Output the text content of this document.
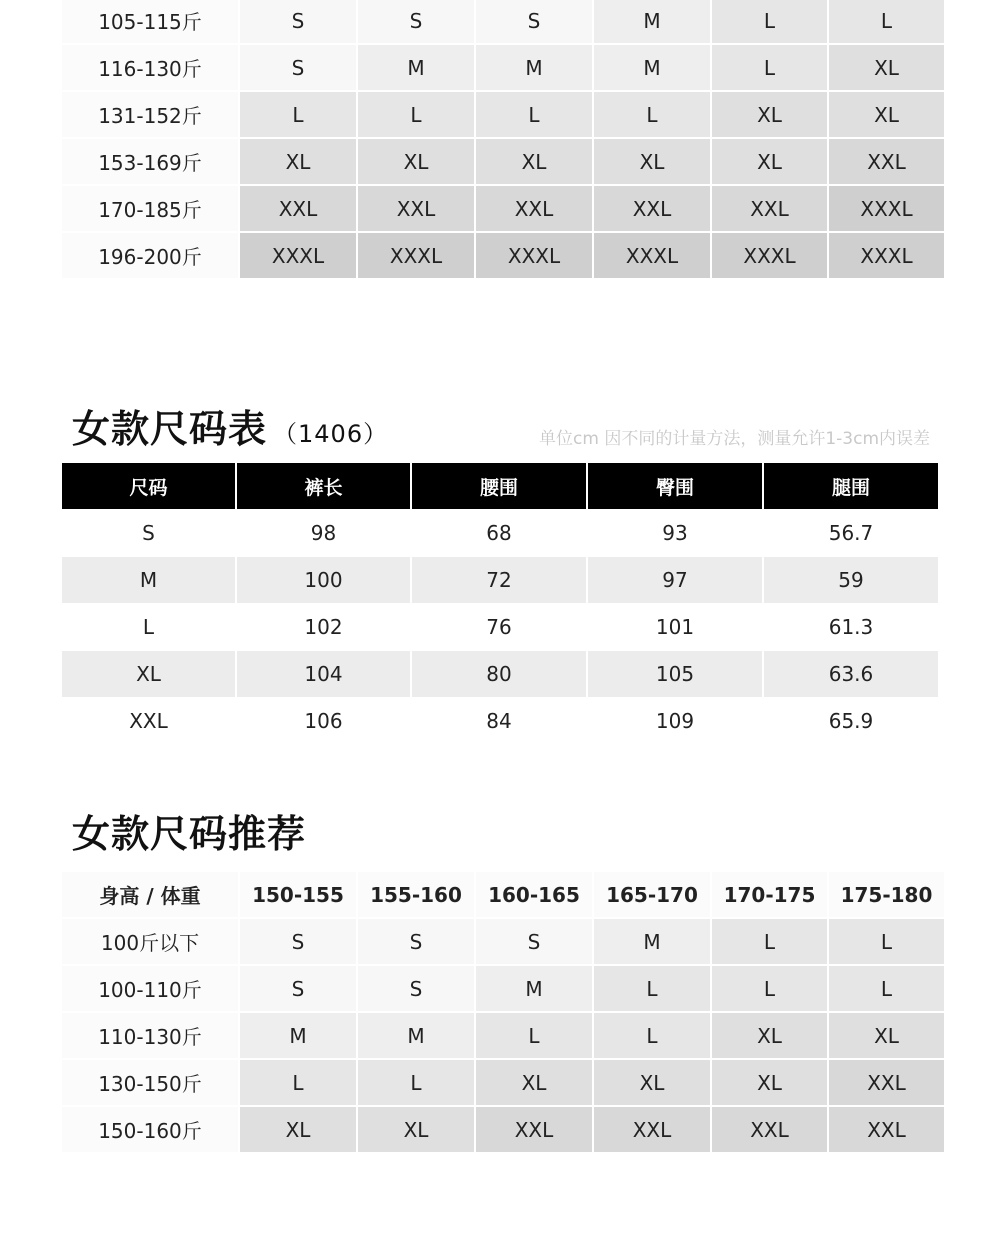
105-115斤	S	S	S	M	L	L
116-130斤	S	M	M	M	L	XL
131-152斤	L	L	L	L	XL	XL
153-169斤	XL	XL	XL	XL	XL	XXL
170-185斤	XXL	XXL	XXL	XXL	XXL	XXXL
196-200斤	XXXL	XXXL	XXXL	XXXL	XXXL	XXXL
女款尺码表 （1406）	单位cm 因不同的计量方法，测量允许1-3cm内误差
尺码	裤长	腰围	臀围	腿围
S	98	68	93	56.7
M	100	72	97	59
L	102	76	101	61.3
XL	104	80	105	63.6
XXL	106	84	109	65.9
女款尺码推荐
身高 / 体重	150-155	155-160	160-165	165-170	170-175	175-180
100斤以下	S	S	S	M	L	L
100-110斤	S	S	M	L	L	L
110-130斤	M	M	L	L	XL	XL
130-150斤	L	L	XL	XL	XL	XXL
150-160斤	XL	XL	XXL	XXL	XXL	XXL
